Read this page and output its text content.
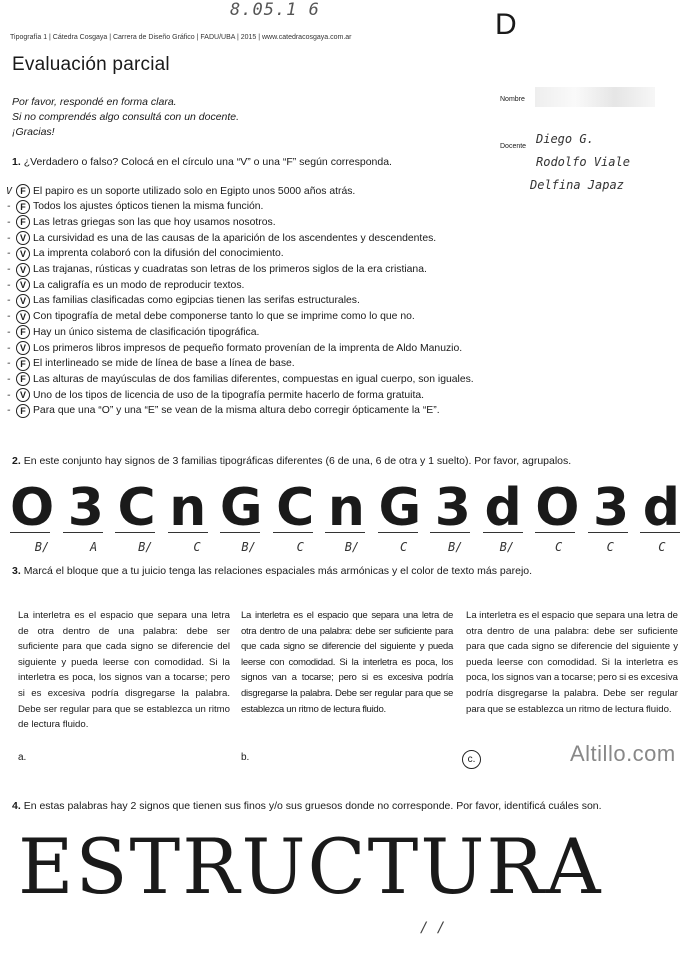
8.05.1 6	D
Tipografía 1 | Cátedra Cosgaya | Carrera de Diseño Gráfico | FADU/UBA | 2015 | www.catedracosgaya.com.ar
Evaluación parcial
Por favor, respondé en forma clara.
Si no comprendés algo consultá con un docente.
¡Gracias!
Nombre
Docente
Diego G.
Rodolfo Viale
Delfina Japaz
1. ¿Verdadero o falso? Colocá en el círculo una “V” o una “F” según corresponda.
V F El papiro es un soporte utilizado solo en Egipto unos 5000 años atrás.
- F Todos los ajustes ópticos tienen la misma función.
- F Las letras griegas son las que hoy usamos nosotros.
- V La cursividad es una de las causas de la aparición de los ascendentes y descendentes.
- V La imprenta colaboró con la difusión del conocimiento.
- V Las trajanas, rústicas y cuadratas son letras de los primeros siglos de la era cristiana.
- V La caligrafía es un modo de reproducir textos.
- V Las familias clasificadas como egipcias tienen las serifas estructurales.
- V Con tipografía de metal debe componerse tanto lo que se imprime como lo que no.
- F Hay un único sistema de clasificación tipográfica.
- V Los primeros libros impresos de pequeño formato provenían de la imprenta de Aldo Manuzio.
- F El interlineado se mide de línea de base a línea de base.
- F Las alturas de mayúsculas de dos familias diferentes, compuestas en igual cuerpo, son iguales.
- V Uno de los tipos de licencia de uso de la tipografía permite hacerlo de forma gratuita.
- F Para que una “O” y una “E” se vean de la misma altura debo corregir ópticamente la “E”.
2. En este conjunto hay signos de 3 familias tipográficas diferentes (6 de una, 6 de otra y 1 suelto). Por favor, agrupalos.
O 3 C n G C n G 3 d O 3 d
B/	A	B/	C	B/	C	B/	C	B/	B/	C	C	C
3. Marcá el bloque que a tu juicio tenga las relaciones espaciales más armónicas y el color de texto más parejo.
La interletra es el espacio que separa una letra de otra dentro de una palabra: debe ser suficiente para que cada signo se diferencie del siguiente y pueda leerse con comodidad. Si la interletra es poca, los signos van a tocarse; pero si es excesiva podría disgregarse la palabra. Debe ser regular para que se establezca un ritmo de lectura fluido.
La interletra es el espacio que separa una letra de otra dentro de una palabra: debe ser suficiente para que cada signo se diferencie del siguiente y pueda leerse con comodidad. Si la interletra es poca, los signos van a tocarse; pero si es excesiva podría disgregarse la palabra. Debe ser regular para que se establezca un ritmo de lectura fluido.
La interletra es el espacio que separa una letra de otra dentro de una palabra: debe ser suficiente para que cada signo se diferencie del siguiente y pueda leerse con comodidad. Si la interletra es poca, los signos van a tocarse; pero si es excesiva podría disgregarse la palabra. Debe ser regular para que se establezca un ritmo de lectura fluido.
a.	b.	c.	Altillo.com
4. En estas palabras hay 2 signos que tienen sus finos y/o sus gruesos donde no corresponde. Por favor, identificá cuáles son.
ESTRUCTURA
/ /
